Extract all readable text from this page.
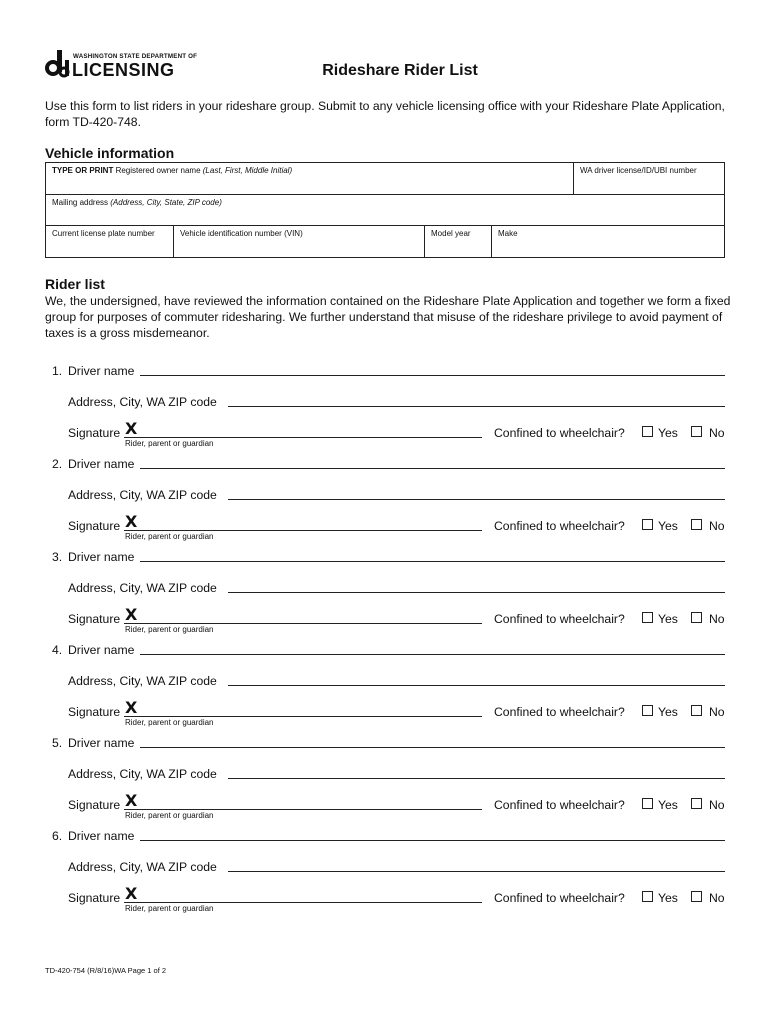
WASHINGTON STATE DEPARTMENT OF
LICENSING	Rideshare Rider List
Use this form to list riders in your rideshare group. Submit to any vehicle licensing office with your Rideshare Plate Application, form TD-420-748.
Vehicle information
TYPE OR PRINT Registered owner name (Last, First, Middle Initial)	WA driver license/ID/UBI number
Mailing address (Address, City, State, ZIP code)
Current license plate number	Vehicle identification number (VIN)	Model year	Make
Rider list
We, the undersigned, have reviewed the information contained on the Rideshare Plate Application and together we form a fixed group for purposes of commuter ridesharing. We further understand that misuse of the rideshare privilege to avoid payment of taxes is a gross misdemeanor.
1. Driver name
Address, City, WA ZIP code
Signature X
Rider, parent or guardian
Confined to wheelchair?	Yes	No
2. Driver name
Address, City, WA ZIP code
Signature X
Rider, parent or guardian
Confined to wheelchair?	Yes	No
3. Driver name
Address, City, WA ZIP code
Signature X
Rider, parent or guardian
Confined to wheelchair?	Yes	No
4. Driver name
Address, City, WA ZIP code
Signature X
Rider, parent or guardian
Confined to wheelchair?	Yes	No
5. Driver name
Address, City, WA ZIP code
Signature X
Rider, parent or guardian
Confined to wheelchair?	Yes	No
6. Driver name
Address, City, WA ZIP code
Signature X
Rider, parent or guardian
Confined to wheelchair?	Yes	No
TD-420-754 (R/8/16)WA Page 1 of 2
